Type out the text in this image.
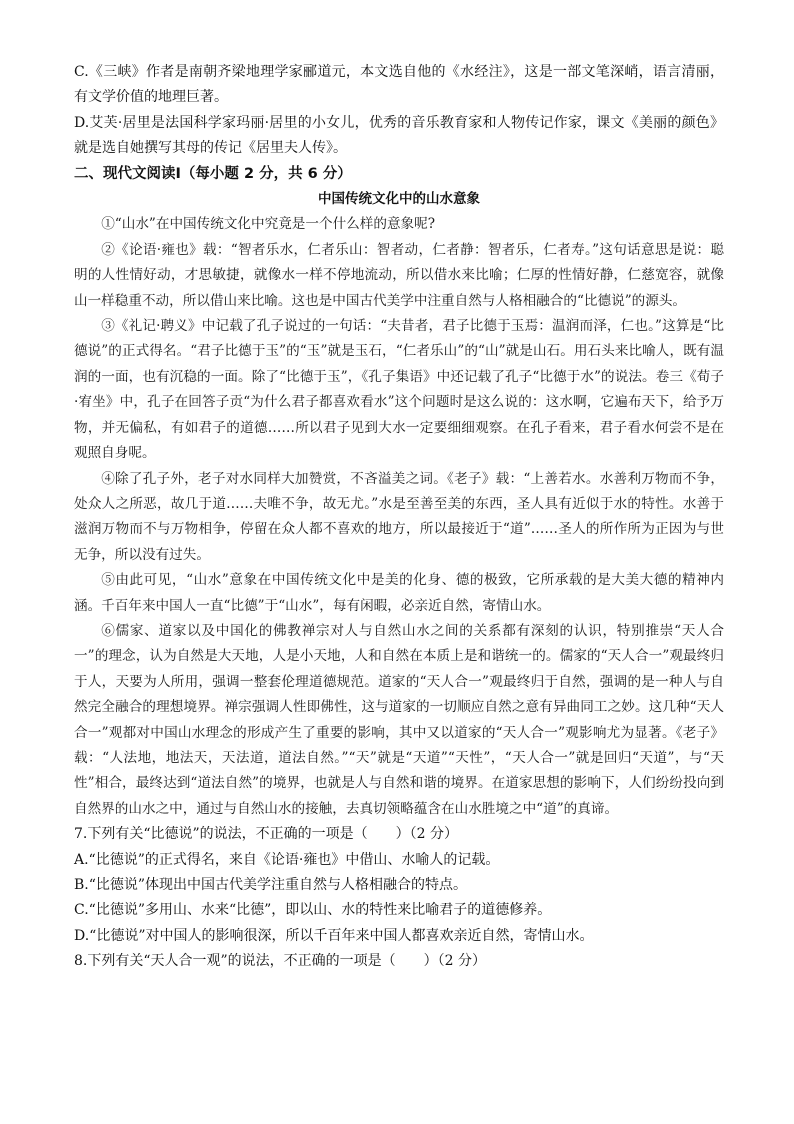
C.《三峡》作者是南朝齐梁地理学家郦道元，本文选自他的《水经注》，这是一部文笔深峭，语言清丽，有文学价值的地理巨著。

D.艾芙·居里是法国科学家玛丽·居里的小女儿，优秀的音乐教育家和人物传记作家，课文《美丽的颜色》就是选自她撰写其母的传记《居里夫人传》。

二、现代文阅读Ⅰ（每小题 2 分，共 6 分）

中国传统文化中的山水意象

①“山水”在中国传统文化中究竟是一个什么样的意象呢?

②《论语·雍也》载：“智者乐水，仁者乐山：智者动，仁者静：智者乐，仁者寿。”这句话意思是说：聪明的人性情好动，才思敏捷，就像水一样不停地流动，所以借水来比喻；仁厚的性情好静，仁慈宽容，就像山一样稳重不动，所以借山来比喻。这也是中国古代美学中注重自然与人格相融合的“比德说”的源头。

③《礼记·聘义》中记载了孔子说过的一句话：“夫昔者，君子比德于玉焉：温润而泽，仁也。”这算是“比德说”的正式得名。“君子比德于玉”的“玉”就是玉石，“仁者乐山”的“山”就是山石。用石头来比喻人，既有温润的一面，也有沉稳的一面。除了“比德于玉”，《孔子集语》中还记载了孔子“比德于水”的说法。卷三《荀子·宥坐》中，孔子在回答子贡“为什么君子都喜欢看水”这个问题时是这么说的：这水啊，它遍布天下，给予万物，并无偏私，有如君子的道德……所以君子见到大水一定要细细观察。在孔子看来，君子看水何尝不是在观照自身呢。

④除了孔子外，老子对水同样大加赞赏，不吝溢美之词。《老子》载：“上善若水。水善利万物而不争，处众人之所恶，故几于道……夫唯不争，故无尤。”水是至善至美的东西，圣人具有近似于水的特性。水善于滋润万物而不与万物相争，停留在众人都不喜欢的地方，所以最接近于“道”……圣人的所作所为正因为与世无争，所以没有过失。

⑤由此可见，“山水”意象在中国传统文化中是美的化身、德的极致，它所承载的是大美大德的精神内涵。千百年来中国人一直“比德”于“山水”，每有闲暇，必亲近自然，寄情山水。

⑥儒家、道家以及中国化的佛教禅宗对人与自然山水之间的关系都有深刻的认识，特别推崇“天人合一”的理念，认为自然是大天地，人是小天地，人和自然在本质上是和谐统一的。儒家的“天人合一”观最终归于人，天要为人所用，强调一整套伦理道德规范。道家的“天人合一”观最终归于自然，强调的是一种人与自然完全融合的理想境界。禅宗强调人性即佛性，这与道家的一切顺应自然之意有异曲同工之妙。这几种“天人合一”观都对中国山水理念的形成产生了重要的影响，其中又以道家的“天人合一”观影响尤为显著。《老子》载：“人法地，地法天，天法道，道法自然。”“天”就是“天道”“天性”，“天人合一”就是回归“天道”，与“天性”相合，最终达到“道法自然”的境界，也就是人与自然和谐的境界。在道家思想的影响下，人们纷纷投向到自然界的山水之中，通过与自然山水的接触，去真切领略蕴含在山水胜境之中“道”的真谛。

7.下列有关“比德说”的说法，不正确的一项是（　　）（2 分）

A.“比德说”的正式得名，来自《论语·雍也》中借山、水喻人的记载。

B.“比德说”体现出中国古代美学注重自然与人格相融合的特点。

C.“比德说”多用山、水来“比德”，即以山、水的特性来比喻君子的道德修养。

D.“比德说”对中国人的影响很深，所以千百年来中国人都喜欢亲近自然，寄情山水。

8.下列有关“天人合一观”的说法，不正确的一项是（　　）（2 分）
